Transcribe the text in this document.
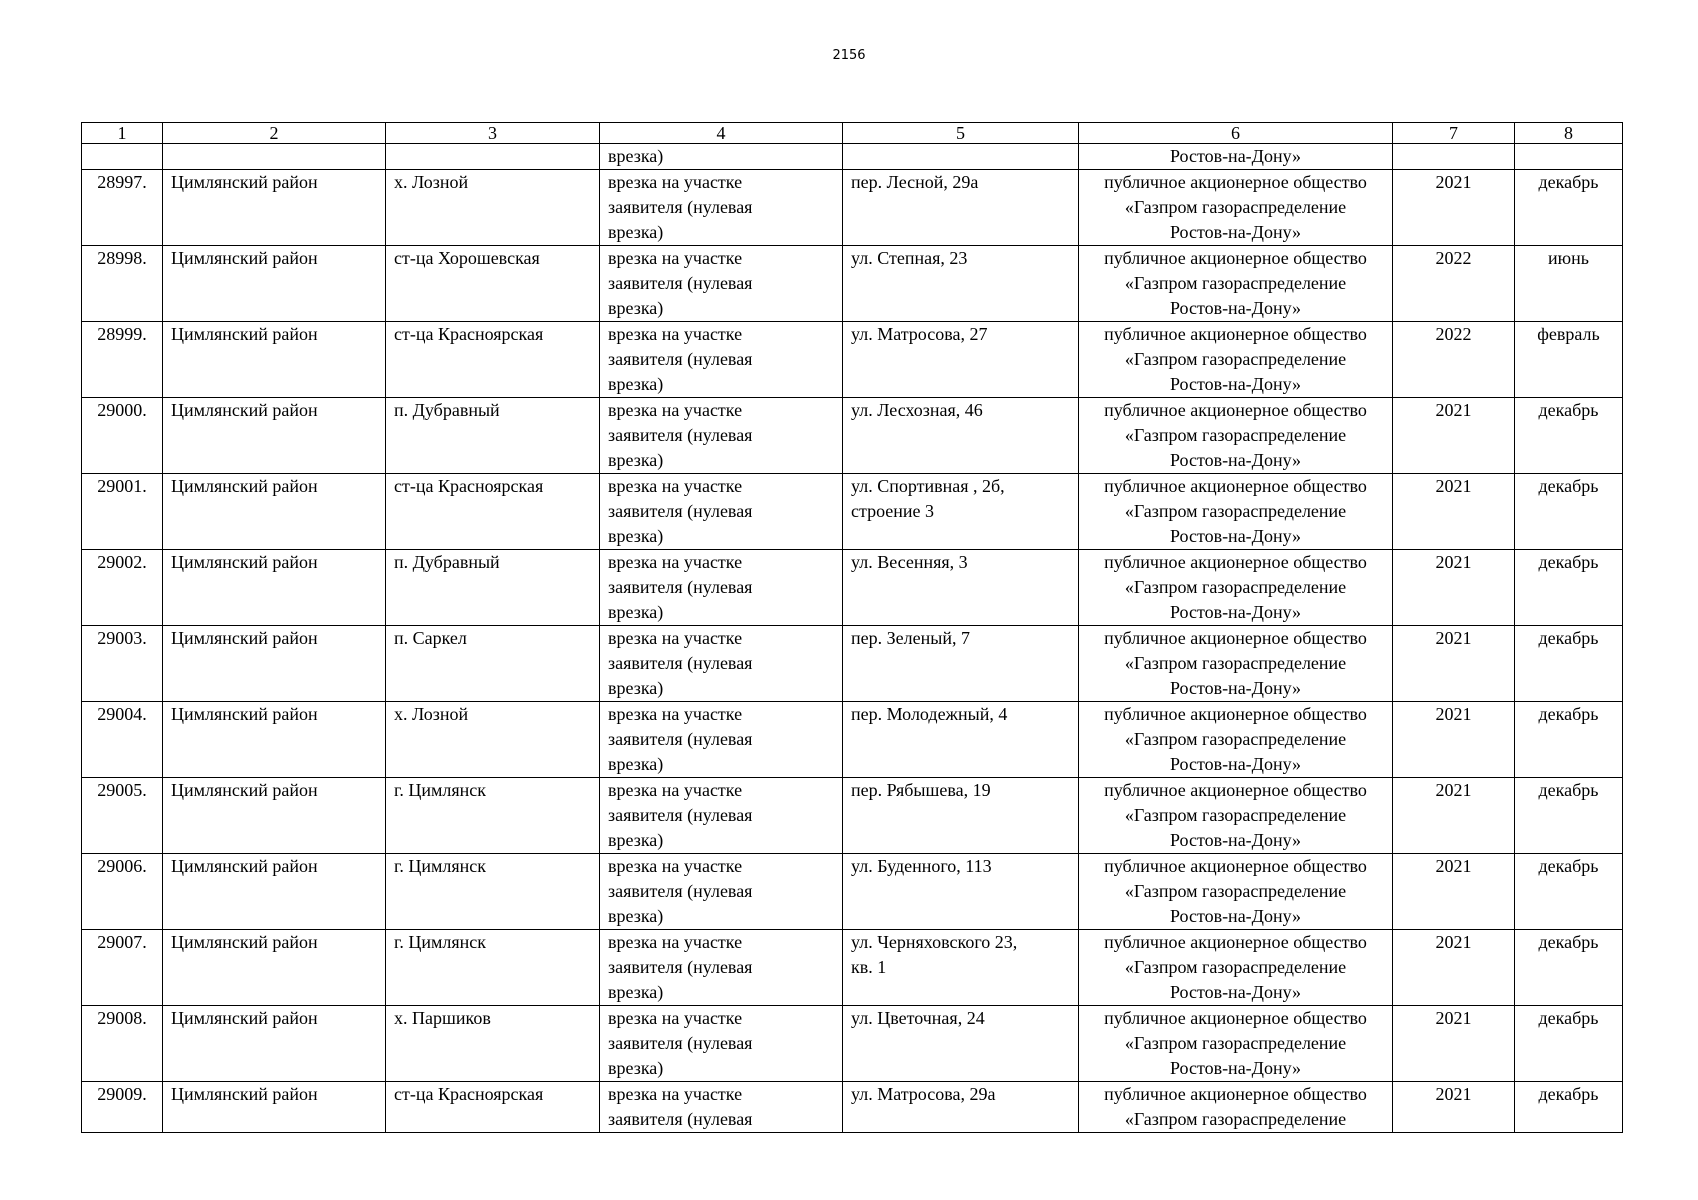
2156
1	2	3	4	5	6	7	8

			врезка)		Ростов-на-Дону»		

28997.	Цимлянский район	х. Лозной	врезка на участке
заявителя (нулевая
врезка)	пер. Лесной, 29а	публичное акционерное общество
«Газпром газораспределение
Ростов-на-Дону»	2021	декабрь

28998.	Цимлянский район	ст-ца Хорошевская	врезка на участке
заявителя (нулевая
врезка)	ул. Степная, 23	публичное акционерное общество
«Газпром газораспределение
Ростов-на-Дону»	2022	июнь

28999.	Цимлянский район	ст-ца Красноярская	врезка на участке
заявителя (нулевая
врезка)	ул. Матросова, 27	публичное акционерное общество
«Газпром газораспределение
Ростов-на-Дону»	2022	февраль

29000.	Цимлянский район	п. Дубравный	врезка на участке
заявителя (нулевая
врезка)	ул. Лесхозная, 46	публичное акционерное общество
«Газпром газораспределение
Ростов-на-Дону»	2021	декабрь

29001.	Цимлянский район	ст-ца Красноярская	врезка на участке
заявителя (нулевая
врезка)	ул. Спортивная , 2б,
строение 3	публичное акционерное общество
«Газпром газораспределение
Ростов-на-Дону»	2021	декабрь

29002.	Цимлянский район	п. Дубравный	врезка на участке
заявителя (нулевая
врезка)	ул. Весенняя, 3	публичное акционерное общество
«Газпром газораспределение
Ростов-на-Дону»	2021	декабрь

29003.	Цимлянский район	п. Саркел	врезка на участке
заявителя (нулевая
врезка)	пер. Зеленый, 7	публичное акционерное общество
«Газпром газораспределение
Ростов-на-Дону»	2021	декабрь

29004.	Цимлянский район	х. Лозной	врезка на участке
заявителя (нулевая
врезка)	пер. Молодежный, 4	публичное акционерное общество
«Газпром газораспределение
Ростов-на-Дону»	2021	декабрь

29005.	Цимлянский район	г. Цимлянск	врезка на участке
заявителя (нулевая
врезка)	пер. Рябышева, 19	публичное акционерное общество
«Газпром газораспределение
Ростов-на-Дону»	2021	декабрь

29006.	Цимлянский район	г. Цимлянск	врезка на участке
заявителя (нулевая
врезка)	ул. Буденного, 113	публичное акционерное общество
«Газпром газораспределение
Ростов-на-Дону»	2021	декабрь

29007.	Цимлянский район	г. Цимлянск	врезка на участке
заявителя (нулевая
врезка)	ул. Черняховского 23,
кв. 1	публичное акционерное общество
«Газпром газораспределение
Ростов-на-Дону»	2021	декабрь

29008.	Цимлянский район	х. Паршиков	врезка на участке
заявителя (нулевая
врезка)	ул. Цветочная, 24	публичное акционерное общество
«Газпром газораспределение
Ростов-на-Дону»	2021	декабрь

29009.	Цимлянский район	ст-ца Красноярская	врезка на участке
заявителя (нулевая	ул. Матросова, 29а	публичное акционерное общество
«Газпром газораспределение	2021	декабрь
